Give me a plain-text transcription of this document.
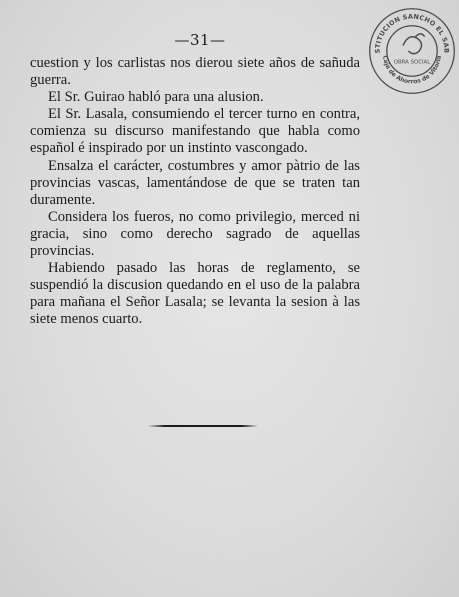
—31—

cuestion y los carlistas nos dierou siete años de sañuda guerra.

El Sr. Guirao habló para una alusion.

El Sr. Lasala, consumiendo el tercer turno en contra, comienza su discurso manifestando que habla como español é inspirado por un instinto vascongado.

Ensalza el carácter, costumbres y amor pàtrio de las provincias vascas, lamentándose de que se traten tan duramente.

Considera los fueros, no como privilegio, merced ni gracia, sino como derecho sagrado de aquellas provincias.

Habiendo pasado las horas de reglamento, se suspendió la discusion quedando en el uso de la palabra para mañana el Señor Lasala; se levanta la sesion à las siete menos cuarto.

STITUCION SANCHO EL SAB
Caja de Ahorros de Vitoria
OBRA SOCIAL
